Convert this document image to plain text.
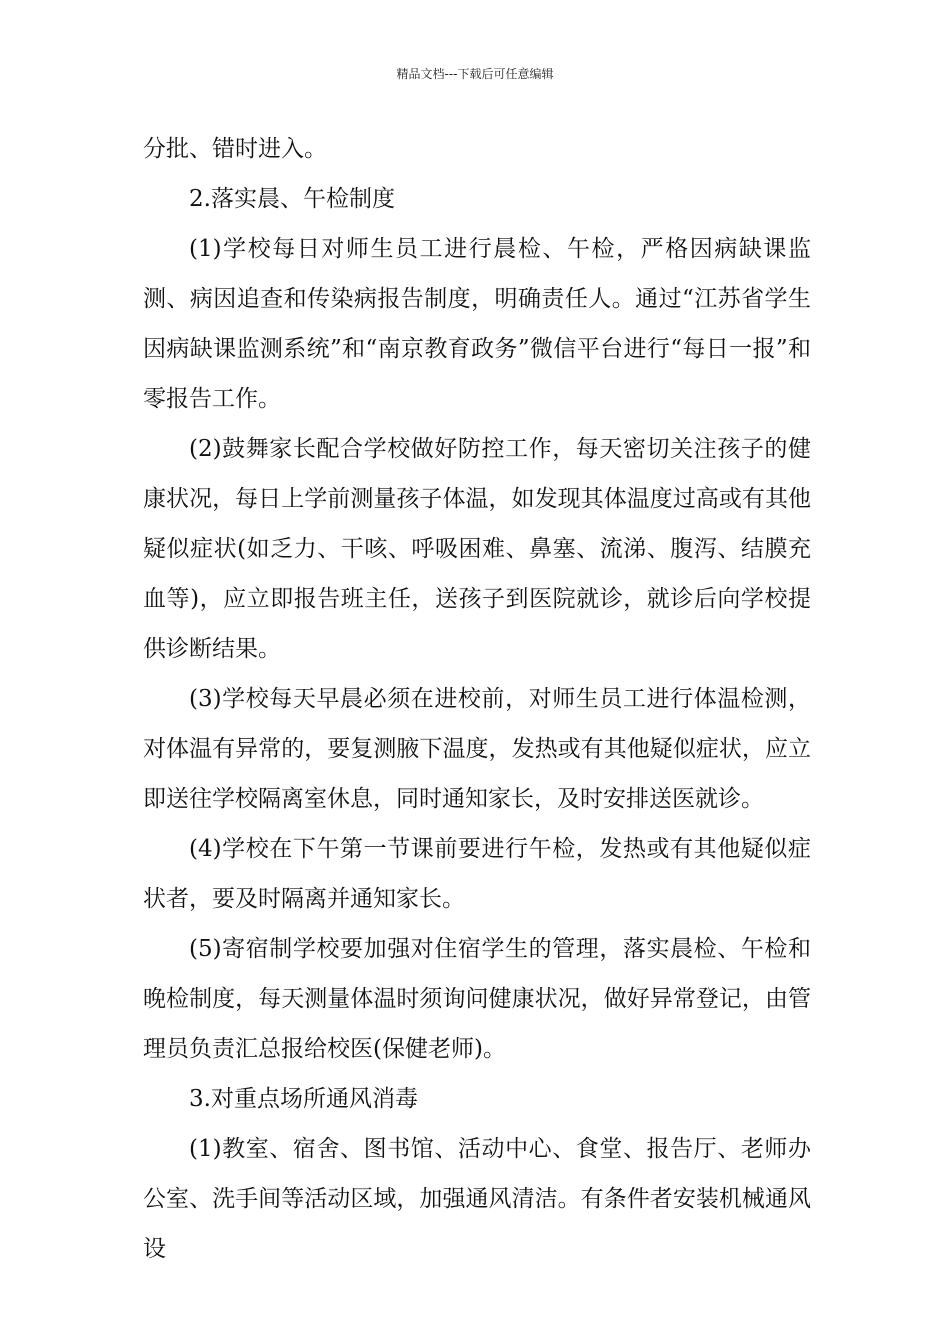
精品文档---下载后可任意编辑

分批、错时进入。

2.落实晨、午检制度

(1)学校每日对师生员工进行晨检、午检，严格因病缺课监测、病因追查和传染病报告制度，明确责任人。通过“江苏省学生因病缺课监测系统”和“南京教育政务”微信平台进行“每日一报”和零报告工作。

(2)鼓舞家长配合学校做好防控工作，每天密切关注孩子的健康状况，每日上学前测量孩子体温，如发现其体温度过高或有其他疑似症状(如乏力、干咳、呼吸困难、鼻塞、流涕、腹泻、结膜充血等)，应立即报告班主任，送孩子到医院就诊，就诊后向学校提供诊断结果。

(3)学校每天早晨必须在进校前，对师生员工进行体温检测，对体温有异常的，要复测腋下温度，发热或有其他疑似症状，应立即送往学校隔离室休息，同时通知家长，及时安排送医就诊。

(4)学校在下午第一节课前要进行午检，发热或有其他疑似症状者，要及时隔离并通知家长。

(5)寄宿制学校要加强对住宿学生的管理，落实晨检、午检和晚检制度，每天测量体温时须询问健康状况，做好异常登记，由管理员负责汇总报给校医(保健老师)。

3.对重点场所通风消毒

(1)教室、宿舍、图书馆、活动中心、食堂、报告厅、老师办公室、洗手间等活动区域，加强通风清洁。有条件者安装机械通风设
